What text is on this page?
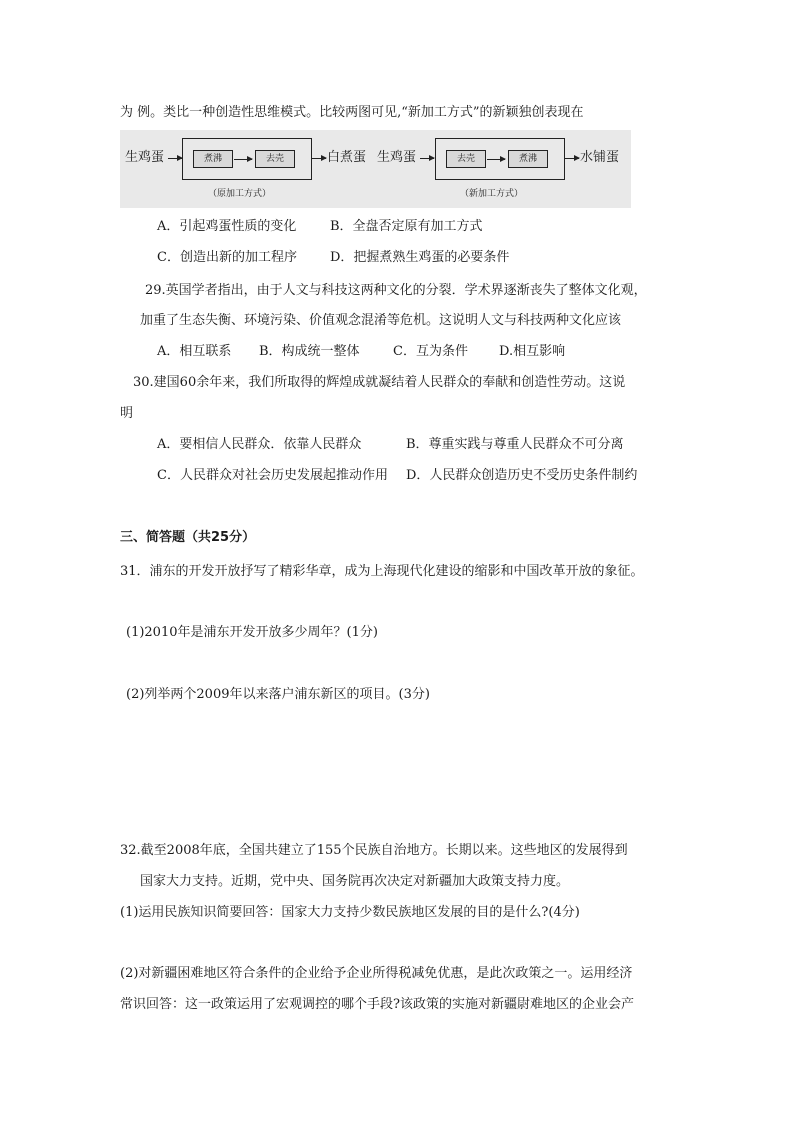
为 例。类比一种创造性思维模式。比较两图可见,“新加工方式”的新颖独创表现在
生鸡蛋	煮沸	去壳	白煮蛋
（原加工方式）
生鸡蛋	去壳	煮沸	水铺蛋
（新加工方式）
A．引起鸡蛋性质的变化	B．全盘否定原有加工方式
C．创造出新的加工程序	D．把握煮熟生鸡蛋的必要条件
29.英国学者指出，由于人文与科技这两种文化的分裂．学术界逐渐丧失了整体文化观，
加重了生态失衡、环境污染、价值观念混淆等危机。这说明人文与科技两种文化应该
A．相互联系 B．构成统一整体	C．互为条件 D.相互影响
30.建国60余年来，我们所取得的辉煌成就凝结着人民群众的奉献和创造性劳动。这说
明
A．要相信人民群众．依靠人民群众	B．尊重实践与尊重人民群众不可分离
C．人民群众对社会历史发展起推动作用 D．人民群众创造历史不受历史条件制约
三、简答题（共25分）
31．浦东的开发开放抒写了精彩华章，成为上海现代化建设的缩影和中国改革开放的象征。
(1)2010年是浦东开发开放多少周年？(1分)
(2)列举两个2009年以来落户浦东新区的项目。(3分)
32.截至2008年底，全国共建立了155个民族自治地方。长期以来。这些地区的发展得到
国家大力支持。近期，党中央、国务院再次决定对新疆加大政策支持力度。
(1)运用民族知识简要回答：国家大力支持少数民族地区发展的目的是什么?(4分)
(2)对新疆困难地区符合条件的企业给予企业所得税减免优惠，是此次政策之一。运用经济
常识回答：这一政策运用了宏观调控的哪个手段?该政策的实施对新疆尉难地区的企业会产
